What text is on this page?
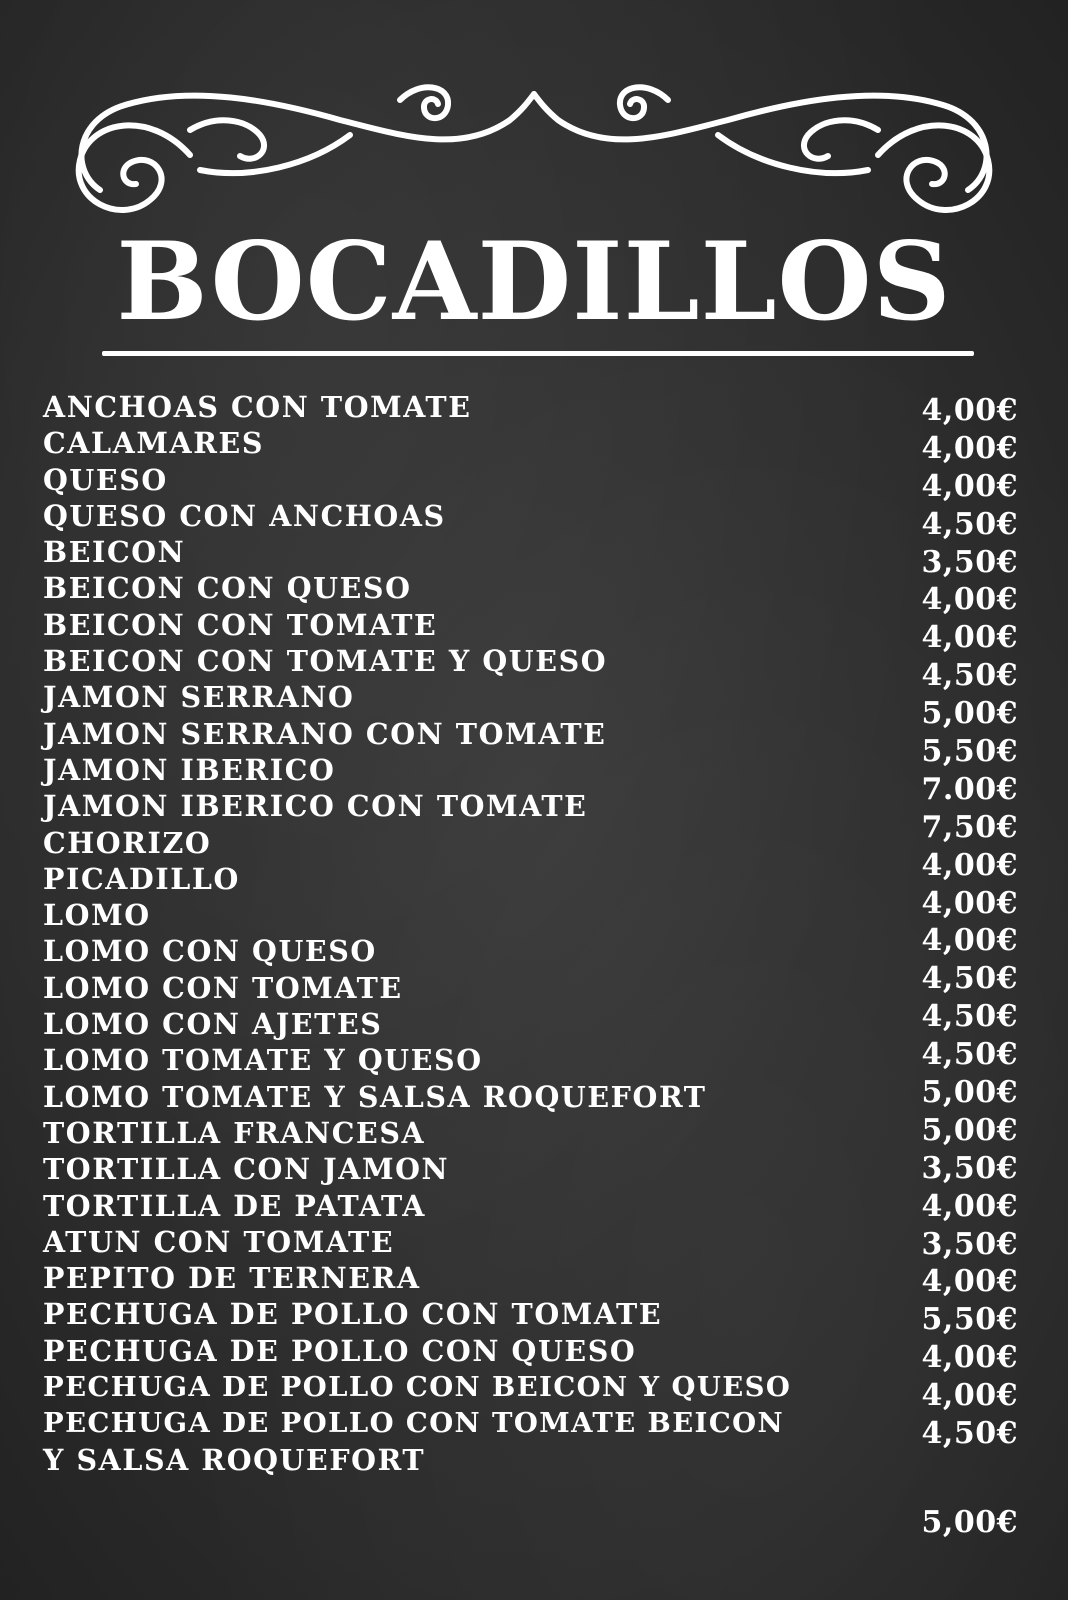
BOCADILLOS
ANCHOAS CON TOMATE
CALAMARES
QUESO
QUESO CON ANCHOAS
BEICON
BEICON CON QUESO
BEICON CON TOMATE
BEICON CON TOMATE Y QUESO
JAMON SERRANO
JAMON SERRANO CON TOMATE
JAMON IBERICO
JAMON IBERICO CON TOMATE
CHORIZO
PICADILLO
LOMO
LOMO CON QUESO
LOMO CON TOMATE
LOMO CON AJETES
LOMO TOMATE Y QUESO
LOMO TOMATE Y SALSA ROQUEFORT
TORTILLA FRANCESA
TORTILLA CON JAMON
TORTILLA DE PATATA
ATUN CON TOMATE
PEPITO DE TERNERA
PECHUGA DE POLLO CON TOMATE
PECHUGA DE POLLO CON QUESO
PECHUGA DE POLLO CON BEICON Y QUESO
PECHUGA DE POLLO CON TOMATE BEICON
Y SALSA ROQUEFORT
4,00€
4,00€
4,00€
4,50€
3,50€
4,00€
4,00€
4,50€
5,00€
5,50€
7.00€
7,50€
4,00€
4,00€
4,00€
4,50€
4,50€
4,50€
5,00€
5,00€
3,50€
4,00€
3,50€
4,00€
5,50€
4,00€
4,00€
4,50€
5,00€
